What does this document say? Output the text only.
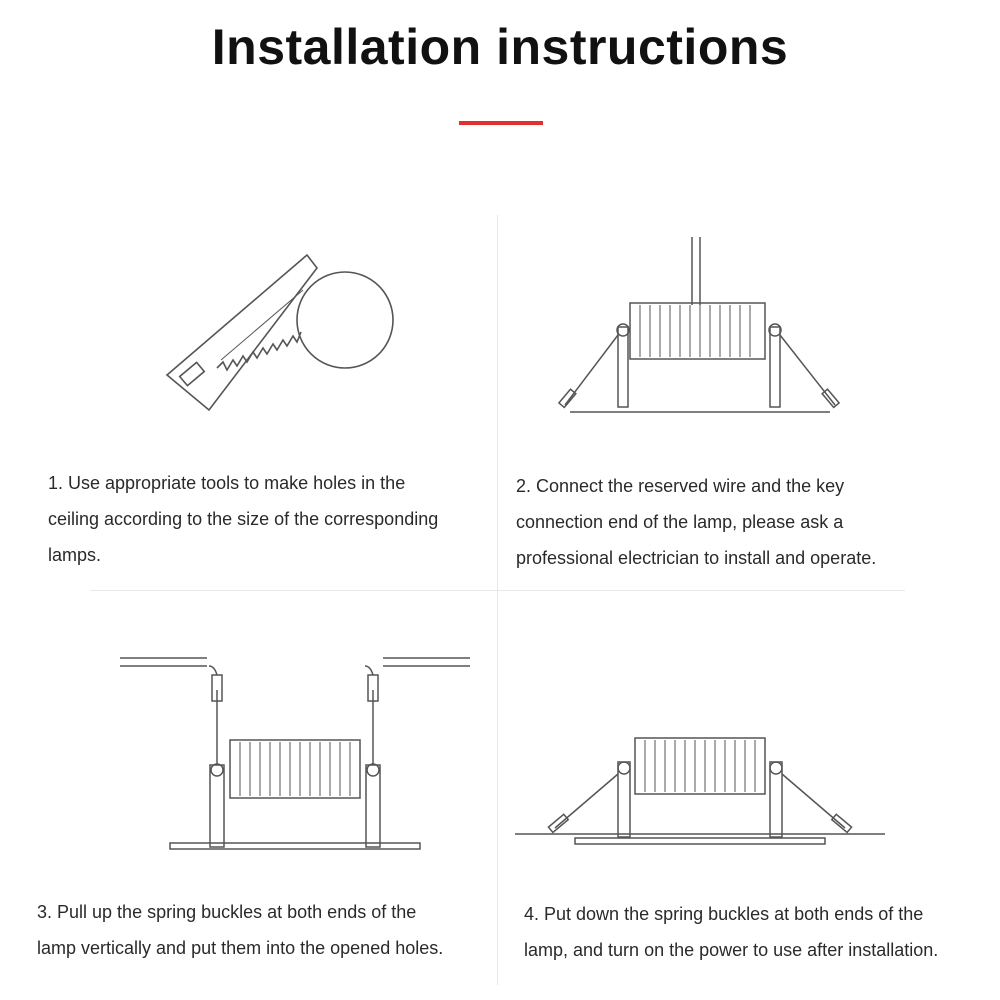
Installation instructions
1. Use appropriate tools to make holes in the
ceiling according to the size of the corresponding
lamps.
2. Connect the reserved wire and the key
connection end of the lamp, please ask a
professional electrician to install and operate.
3. Pull up the spring buckles at both ends of the
lamp vertically and put them into the opened holes.
4. Put down the spring buckles at both ends of the
lamp, and turn on the power to use after installation.
